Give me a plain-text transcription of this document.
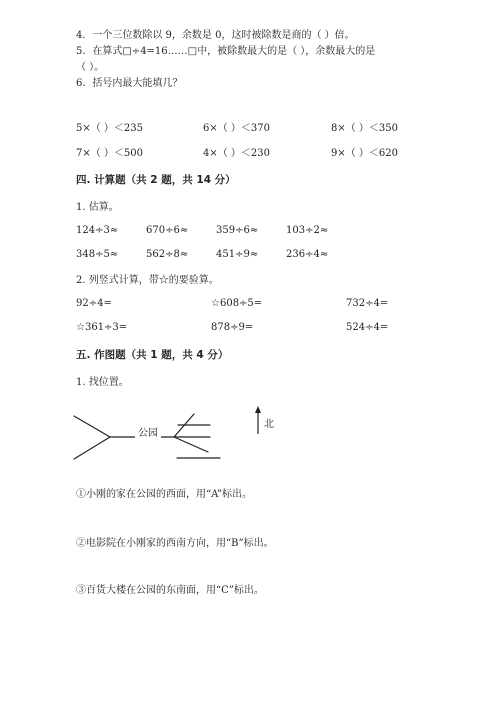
4．一个三位数除以 9，余数是 0，这时被除数是商的（ ）倍。
5．在算式□÷4=16……□中，被除数最大的是（ ），余数最大的是
（ ）。
6．括号内最大能填几？
5×（ ）＜235	6×（ ）＜370	8×（ ）＜350
7×（ ）＜500	4×（ ）＜230	9×（ ）＜620
四. 计算题（共 2 题，共 14 分）
1. 估算。
124÷3≈	670÷6≈	359÷6≈	103÷2≈
348÷5≈	562÷8≈	451÷9≈	236÷4≈
2. 列竖式计算，带☆的要验算。
92÷4=	☆608÷5=	732÷4=
☆361÷3=	878÷9=	524÷4=
五. 作图题（共 1 题，共 4 分）
1. 找位置。
公园
北
①小刚的家在公园的西面，用“A”标出。
②电影院在小刚家的西南方向，用“B”标出。
③百货大楼在公园的东南面，用“C”标出。
